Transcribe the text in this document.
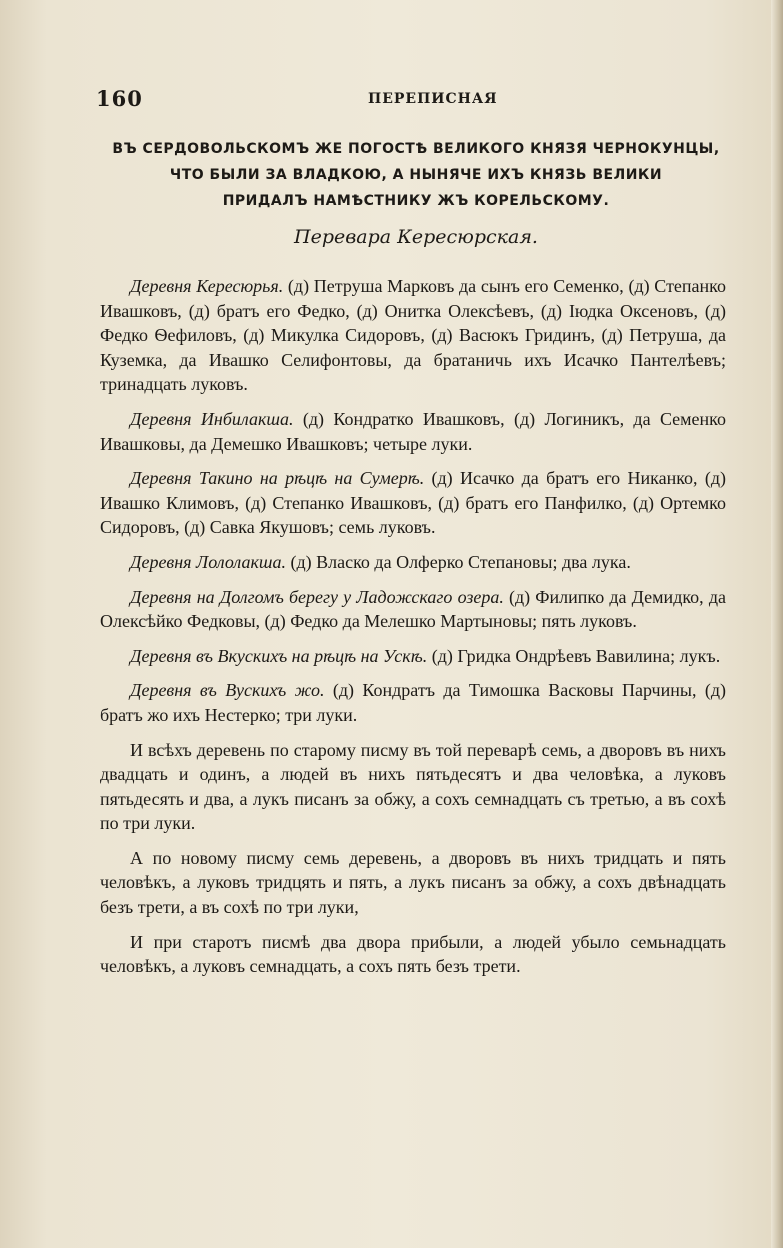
160	ПЕРЕПИСНАЯ
ВЪ СЕРДОВОЛЬСКОМЪ ЖЕ ПОГОСТѢ ВЕЛИКОГО КНЯЗЯ ЧЕРНОКУНЦЫ,
ЧТО БЫЛИ ЗА ВЛАДКОЮ, А НЫНЯЧЕ ИХЪ КНЯЗЬ ВЕЛИКИ
ПРИДАЛЪ НАМѢСТНИКУ ЖЪ КОРЕЛЬСКОМУ.
Переварa Кересюрская.

Деревня Кересюрья. (д) Петруша Марковъ да сынъ его Семенко, (д) Степанко Ивашковъ, (д) братъ его Федко, (д) Онитка Олексѣевъ, (д) Іюдка Оксеновъ, (д) Федко Ѳефиловъ, (д) Микулка Сидоровъ, (д) Васюкъ Гридинъ, (д) Петруша, да Куземка, да Ивашко Селифонтовы, да братаничь ихъ Исачко Пантелѣевъ; тринадцать луковъ.

Деревня Инбилакша. (д) Кондратко Ивашковъ, (д) Логиникъ, да Семенко Ивашковы, да Демешко Ивашковъ; четыре луки.

Деревня Такино на рѣцѣ на Сумерѣ. (д) Исачко да братъ его Никанко, (д) Ивашко Климовъ, (д) Степанко Ивашковъ, (д) братъ его Панфилко, (д) Ортемко Сидоровъ, (д) Савка Якушовъ; семь луковъ.

Деревня Лололакша. (д) Власко да Олферко Степановы; два лука.

Деревня на Долгомъ берегу у Ладожскаго озера. (д) Филипко да Демидко, да Олексѣйко Федковы, (д) Федко да Мелешко Мартыновы; пять луковъ.

Деревня въ Вкускихъ на рѣцѣ на Ускѣ. (д) Гридка Ондрѣевъ Вавилина; лукъ.

Деревня въ Вускихъ жо. (д) Кондратъ да Тимошка Васковы Парчины, (д) братъ жо ихъ Нестерко; три луки.

И всѣхъ деревень по старому писму въ той переварѣ семь, а дворовъ въ нихъ двадцать и одинъ, а людей въ нихъ пятьдесятъ и два человѣка, а луковъ пятьдесять и два, а лукъ писанъ за обжу, а сохъ семнадцать съ третью, а въ сохѣ по три луки.

А по новому писму семь деревень, а дворовъ въ нихъ тридцать и пять человѣкъ, а луковъ тридцять и пять, а лукъ писанъ за обжу, а сохъ двѣнадцать безъ трети, а въ сохѣ по три луки,

И при старотъ писмѣ два двора прибыли, а людей убыло семьнадцать человѣкъ, а луковъ семнадцать, а сохъ пять безъ трети.
